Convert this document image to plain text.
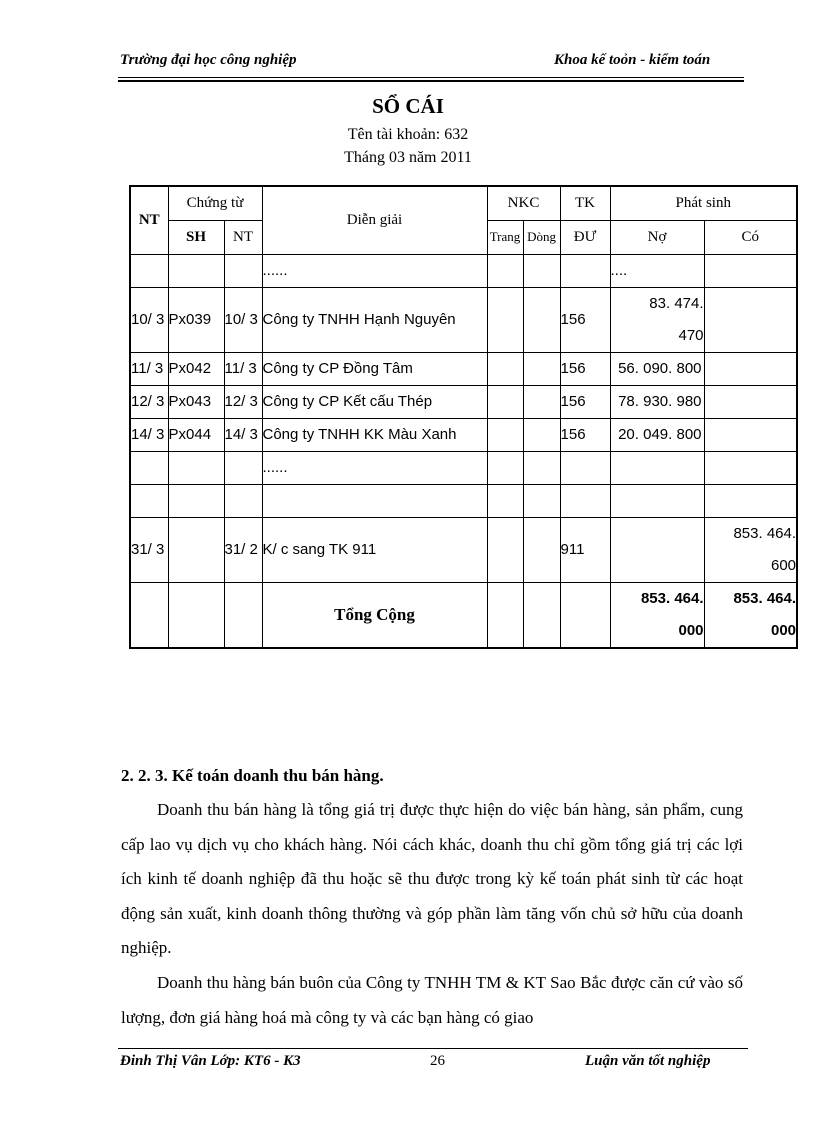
Trường đại học công nghiệp	Khoa kế toỏn - kiểm toán
SỔ CÁI
Tên tài khoản: 632
Tháng 03 năm 2011
NT	Chứng từ		Diễn giải	NKC		TK	Phát sinh	
	SH	NT		Trang	Dòng	ĐƯ	Nợ	Có
			......				....	
10/ 3	Px039	10/ 3	Công ty TNHH Hạnh Nguyên			156	83. 474. 470	
11/ 3	Px042	11/ 3	Công ty CP Đồng Tâm			156	56. 090. 800	
12/ 3	Px043	12/ 3	Công ty CP Kết cấu Thép			156	78. 930. 980	
14/ 3	Px044	14/ 3	Công ty TNHH KK Màu Xanh			156	20. 049. 800	
			......					

31/ 3		31/ 2	K/ c sang TK 911			911		853. 464. 600
			Tổng Cộng				853. 464. 000	853. 464. 000
2. 2. 3. Kế toán doanh thu bán hàng.
Doanh thu bán hàng là tổng giá trị được thực hiện do việc bán hàng, sản phẩm, cung cấp lao vụ dịch vụ cho khách hàng. Nói cách khác, doanh thu chỉ gồm tổng giá trị các lợi ích kinh tế doanh nghiệp đã thu hoặc sẽ thu được trong kỳ kế toán phát sinh từ các hoạt động sản xuất, kinh doanh thông thường và góp phần làm tăng vốn chủ sở hữu của doanh nghiệp.
Doanh thu hàng bán buôn của Công ty TNHH TM & KT Sao Bắc được căn cứ vào số lượng, đơn giá hàng hoá mà công ty và các bạn hàng có giao
Đinh Thị Vân Lớp: KT6 - K3	26	Luận văn tốt nghiệp
